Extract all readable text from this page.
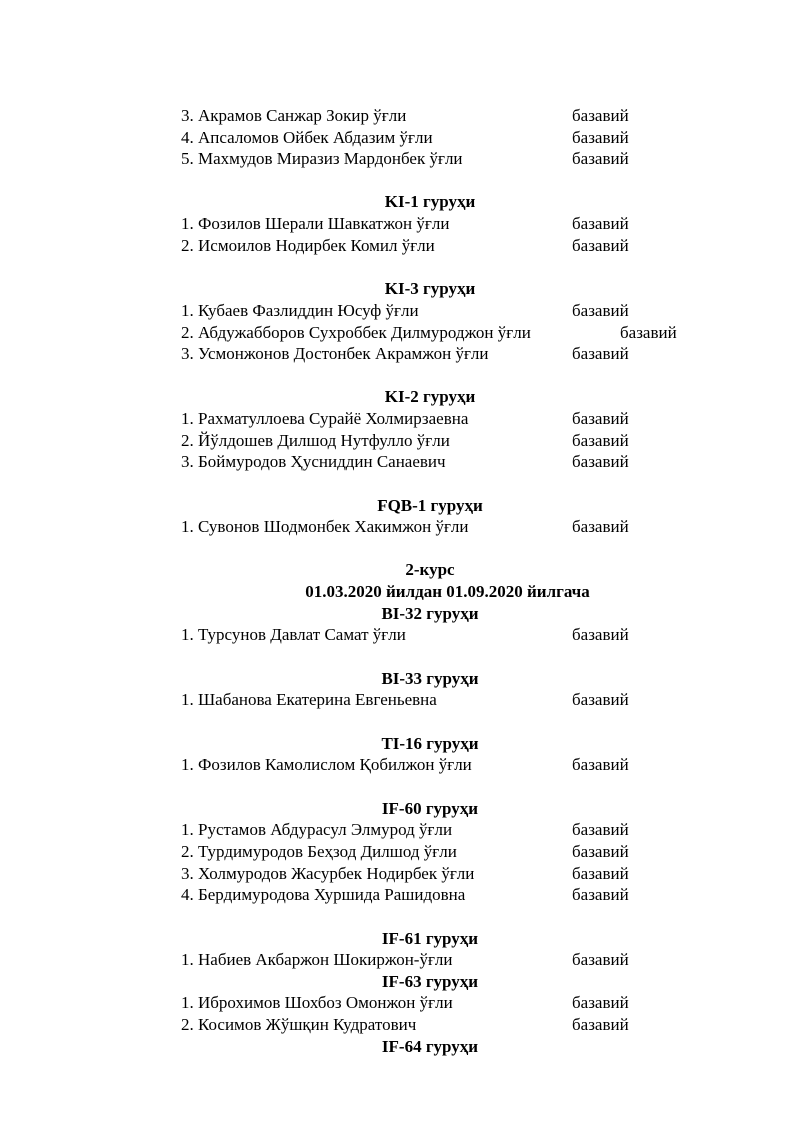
3. Акрамов Санжар Зокир ўғли	базавий
4. Апсаломов Ойбек Абдазим ўғли	базавий
5. Махмудов Миразиз Мардонбек ўғли	базавий
KI-1 гуруҳи
1. Фозилов Шерали Шавкатжон ўғли	базавий
2. Исмоилов Нодирбек Комил ўғли	базавий
KI-3 гуруҳи
1. Кубаев Фазлиддин Юсуф ўғли	базавий
2. Абдужабборов Сухроббек Дилмуроджон ўғли	базавий
3. Усмонжонов Достонбек Акрамжон ўғли	базавий
KI-2 гуруҳи
1. Рахматуллоева Сурайё Холмирзаевна	базавий
2. Йўлдошев Дилшод Нутфулло ўғли	базавий
3. Боймуродов Ҳусниддин Санаевич	базавий
FQB-1 гуруҳи
1. Сувонов Шодмонбек Хакимжон ўғли	базавий
2-курс
01.03.2020 йилдан 01.09.2020 йилгача
BI-32 гуруҳи
1. Турсунов Давлат Самат ўғли	базавий
BI-33 гуруҳи
1. Шабанова Екатерина Евгеньевна	базавий
TI-16 гуруҳи
1. Фозилов Камолислом Қобилжон ўғли	базавий
IF-60 гуруҳи
1. Рустамов Абдурасул Элмурод ўғли	базавий
2. Турдимуродов Беҳзод Дилшод ўғли	базавий
3. Холмуродов Жасурбек Нодирбек ўғли	базавий
4. Бердимуродова Хуршида Рашидовна	базавий
IF-61 гуруҳи
1. Набиев Акбаржон Шокиржон-ўғли	базавий
IF-63 гуруҳи
1. Иброхимов Шохбоз Омонжон ўғли	базавий
2. Косимов Жўшқин Кудратович	базавий
IF-64 гуруҳи
